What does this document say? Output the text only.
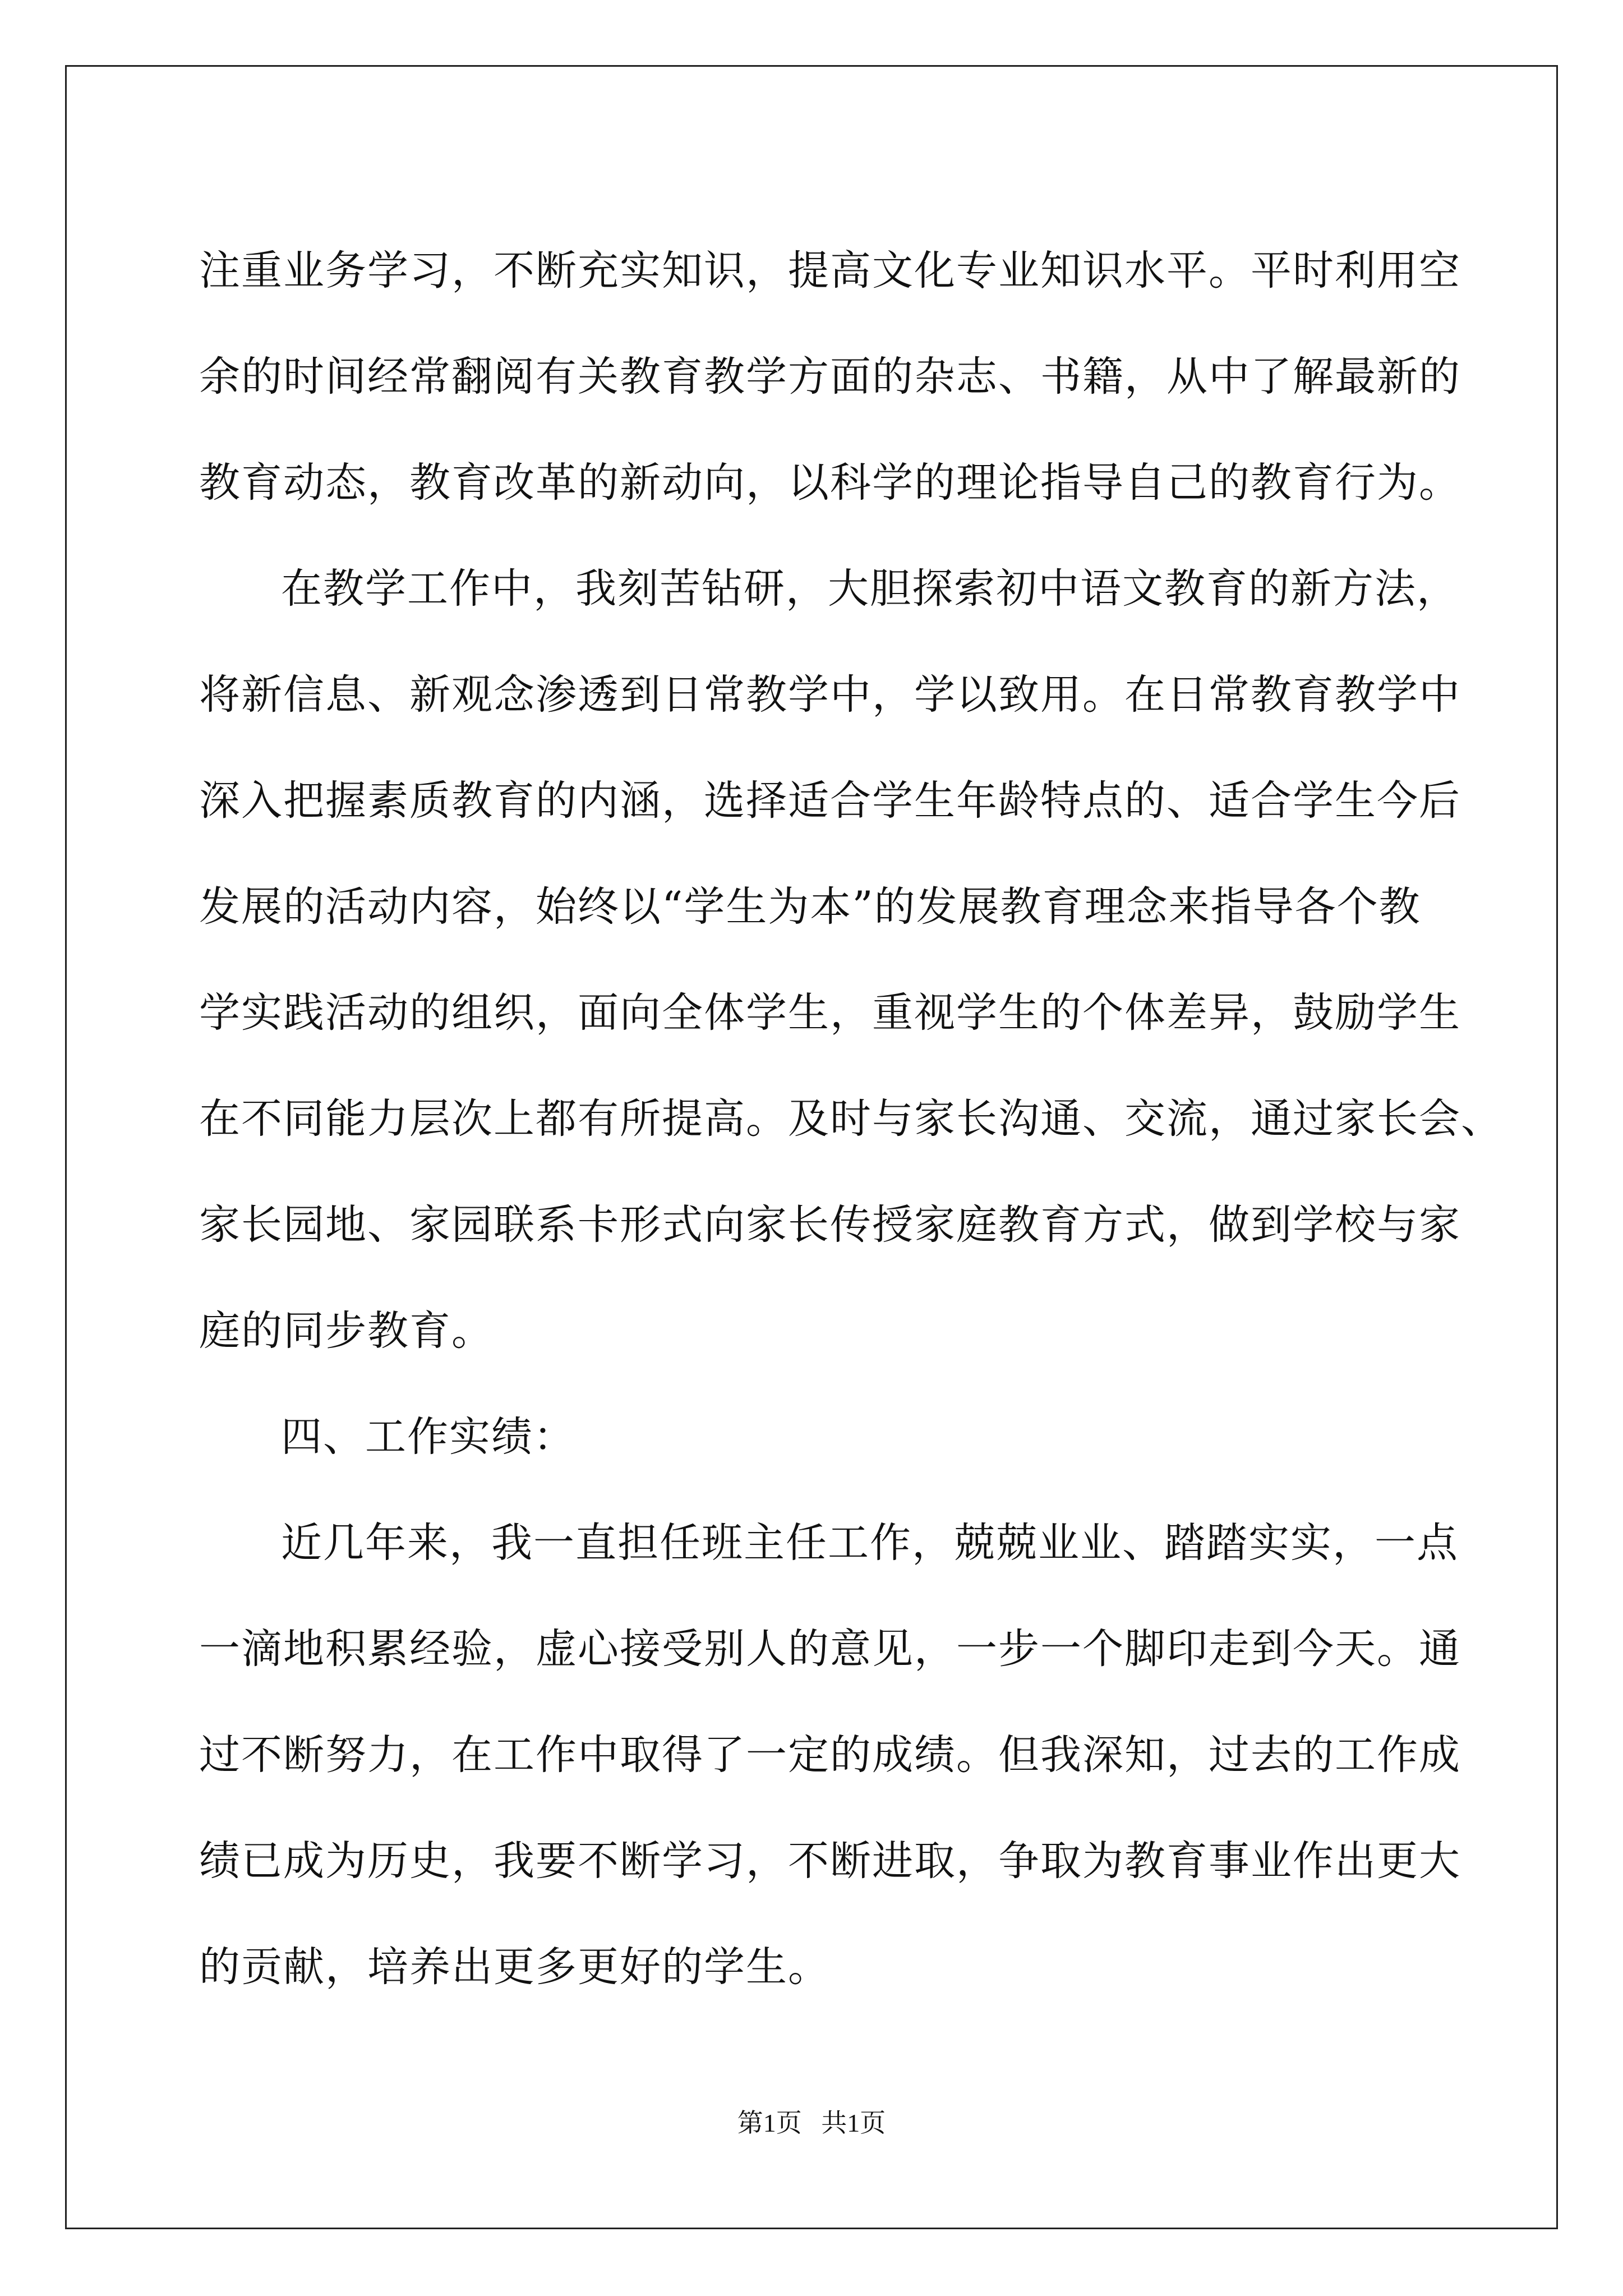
注重业务学习，不断充实知识，提高文化专业知识水平。平时利用空
余的时间经常翻阅有关教育教学方面的杂志、书籍，从中了解最新的
教育动态，教育改革的新动向，以科学的理论指导自己的教育行为。
在教学工作中，我刻苦钻研，大胆探索初中语文教育的新方法，
将新信息、新观念渗透到日常教学中，学以致用。在日常教育教学中
深入把握素质教育的内涵，选择适合学生年龄特点的、适合学生今后
发展的活动内容，始终以“学生为本”的发展教育理念来指导各个教
学实践活动的组织，面向全体学生，重视学生的个体差异，鼓励学生
在不同能力层次上都有所提高。及时与家长沟通、交流，通过家长会、
家长园地、家园联系卡形式向家长传授家庭教育方式，做到学校与家
庭的同步教育。
四、工作实绩：
近几年来，我一直担任班主任工作，兢兢业业、踏踏实实，一点
一滴地积累经验，虚心接受别人的意见，一步一个脚印走到今天。通
过不断努力，在工作中取得了一定的成绩。但我深知，过去的工作成
绩已成为历史，我要不断学习，不断进取，争取为教育事业作出更大
的贡献，培养出更多更好的学生。
第1页   共1页
